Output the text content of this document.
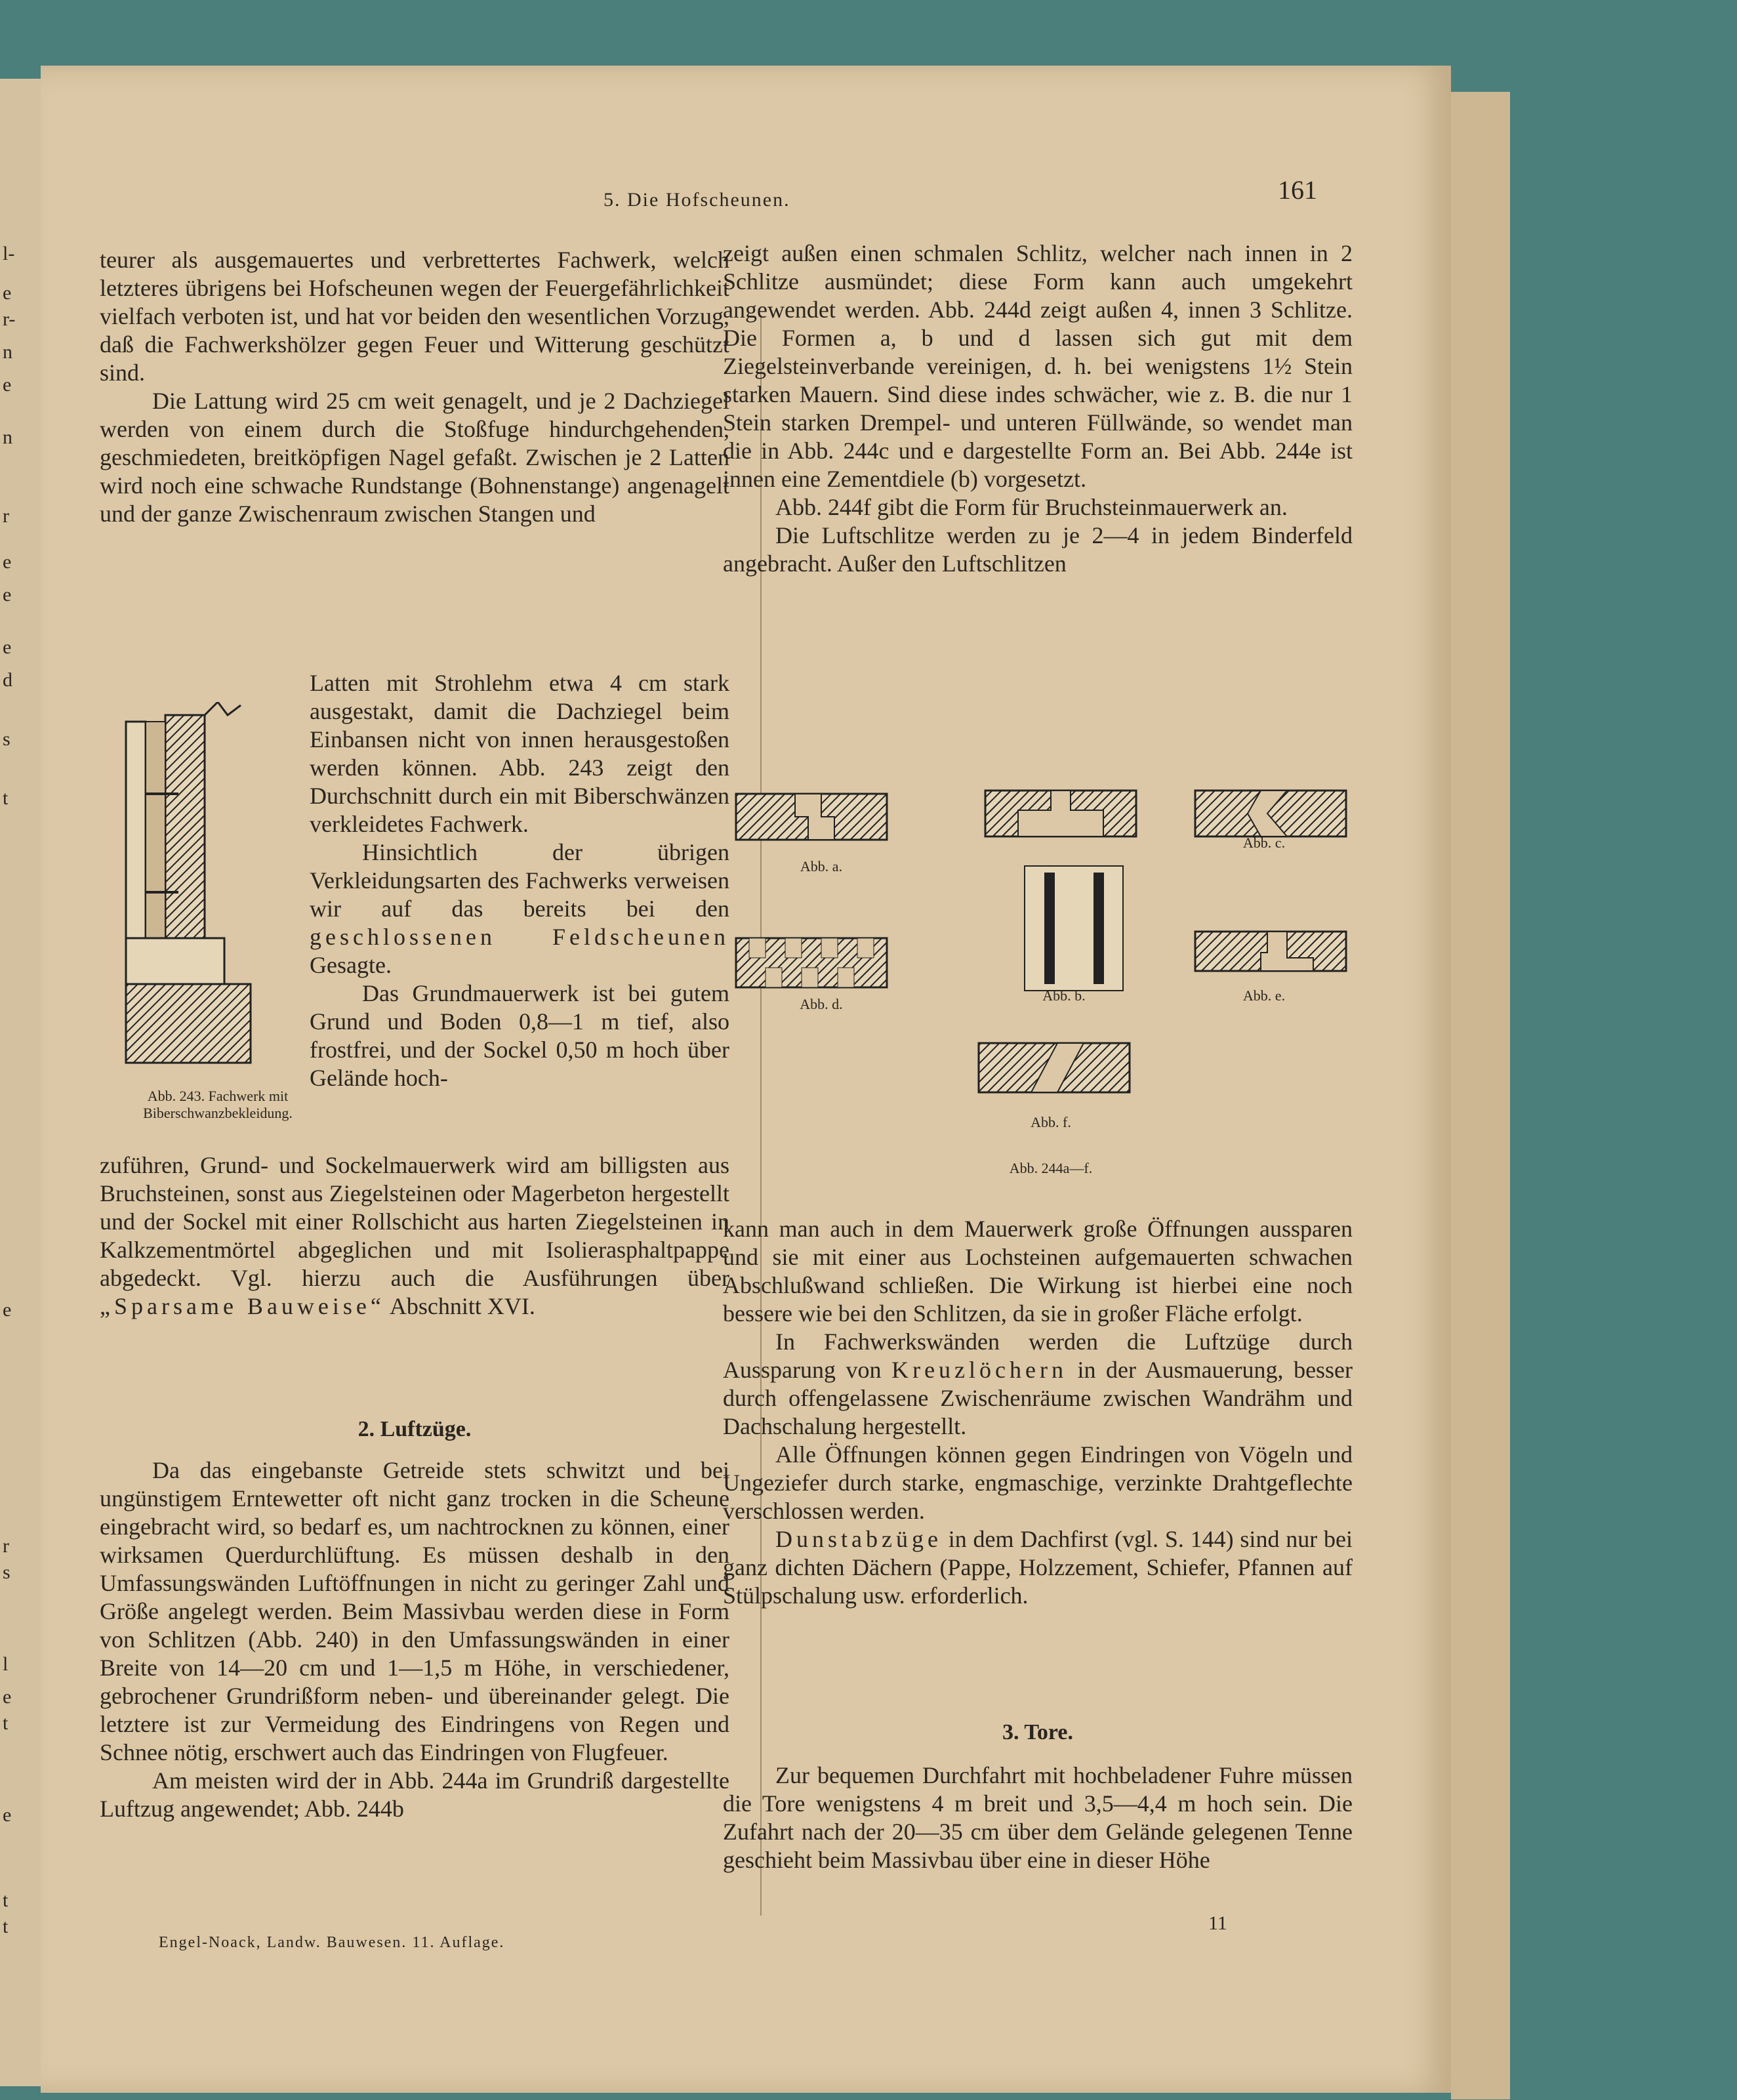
l-
e
r-
n
e
n
r
e
e
e
d
s
t
e
r
s
l
e
t
e
t
t
5. Die Hofscheunen.	161

teurer als ausgemauertes und verbrettertes Fachwerk, welch letzteres übrigens bei Hofscheunen wegen der Feuergefährlichkeit vielfach verboten ist, und hat vor beiden den wesentlichen Vorzug, daß die Fachwerkshölzer gegen Feuer und Witterung geschützt sind.

Die Lattung wird 25 cm weit genagelt, und je 2 Dachziegel werden von einem durch die Stoßfuge hindurchgehenden, geschmiedeten, breitköpfigen Nagel gefaßt. Zwischen je 2 Latten wird noch eine schwache Rundstange (Bohnenstange) angenagelt und der ganze Zwischenraum zwischen Stangen und

Latten mit Strohlehm etwa 4 cm stark ausgestakt, damit die Dachziegel beim Einbansen nicht von innen herausgestoßen werden können. Abb. 243 zeigt den Durchschnitt durch ein mit Biberschwänzen verkleidetes Fachwerk.

Hinsichtlich der übrigen Verkleidungsarten des Fachwerks verweisen wir auf das bereits bei den geschlossenen Feldscheunen Gesagte.

Das Grundmauerwerk ist bei gutem Grund und Boden 0,8—1 m tief, also frostfrei, und der Sockel 0,50 m hoch über Gelände hoch-

Abb. 243. Fachwerk mit Biberschwanzbekleidung.

zuführen, Grund- und Sockelmauerwerk wird am billigsten aus Bruchsteinen, sonst aus Ziegelsteinen oder Magerbeton hergestellt und der Sockel mit einer Rollschicht aus harten Ziegelsteinen in Kalkzementmörtel abgeglichen und mit Isolierasphaltpappe abgedeckt. Vgl. hierzu auch die Ausführungen über „Sparsame Bauweise“ Abschnitt XVI.

2. Luftzüge.

Da das eingebanste Getreide stets schwitzt und bei ungünstigem Erntewetter oft nicht ganz trocken in die Scheune eingebracht wird, so bedarf es, um nachtrocknen zu können, einer wirksamen Querdurchlüftung. Es müssen deshalb in den Umfassungswänden Luftöffnungen in nicht zu geringer Zahl und Größe angelegt werden. Beim Massivbau werden diese in Form von Schlitzen (Abb. 240) in den Umfassungswänden in einer Breite von 14—20 cm und 1—1,5 m Höhe, in verschiedener, gebrochener Grundrißform neben- und übereinander gelegt. Die letztere ist zur Vermeidung des Eindringens von Regen und Schnee nötig, erschwert auch das Eindringen von Flugfeuer.

Am meisten wird der in Abb. 244a im Grundriß dargestellte Luftzug angewendet; Abb. 244b

Engel-Noack, Landw. Bauwesen. 11. Auflage.

zeigt außen einen schmalen Schlitz, welcher nach innen in 2 Schlitze ausmündet; diese Form kann auch umgekehrt angewendet werden. Abb. 244d zeigt außen 4, innen 3 Schlitze. Die Formen a, b und d lassen sich gut mit dem Ziegelsteinverbande vereinigen, d. h. bei wenigstens 1½ Stein starken Mauern. Sind diese indes schwächer, wie z. B. die nur 1 Stein starken Drempel- und unteren Füllwände, so wendet man die in Abb. 244c und e dargestellte Form an. Bei Abb. 244e ist innen eine Zementdiele (b) vorgesetzt.

Abb. 244f gibt die Form für Bruchsteinmauerwerk an.

Die Luftschlitze werden zu je 2—4 in jedem Binderfeld angebracht. Außer den Luftschlitzen

Abb. a.
Abb. c.
Abb. d.
Abb. b.	Abb. e.
Abb. f.
Abb. 244a—f.

kann man auch in dem Mauerwerk große Öffnungen aussparen und sie mit einer aus Lochsteinen aufgemauerten schwachen Abschlußwand schließen. Die Wirkung ist hierbei eine noch bessere wie bei den Schlitzen, da sie in großer Fläche erfolgt.

In Fachwerkswänden werden die Luftzüge durch Aussparung von Kreuzlöchern in der Ausmauerung, besser durch offengelassene Zwischenräume zwischen Wandrähm und Dachschalung hergestellt.

Alle Öffnungen können gegen Eindringen von Vögeln und Ungeziefer durch starke, engmaschige, verzinkte Drahtgeflechte verschlossen werden.

Dunstabzüge in dem Dachfirst (vgl. S. 144) sind nur bei ganz dichten Dächern (Pappe, Holzzement, Schiefer, Pfannen auf Stülpschalung usw. erforderlich.

3. Tore.

Zur bequemen Durchfahrt mit hochbeladener Fuhre müssen die Tore wenigstens 4 m breit und 3,5—4,4 m hoch sein. Die Zufahrt nach der 20—35 cm über dem Gelände gelegenen Tenne geschieht beim Massivbau über eine in dieser Höhe

11
